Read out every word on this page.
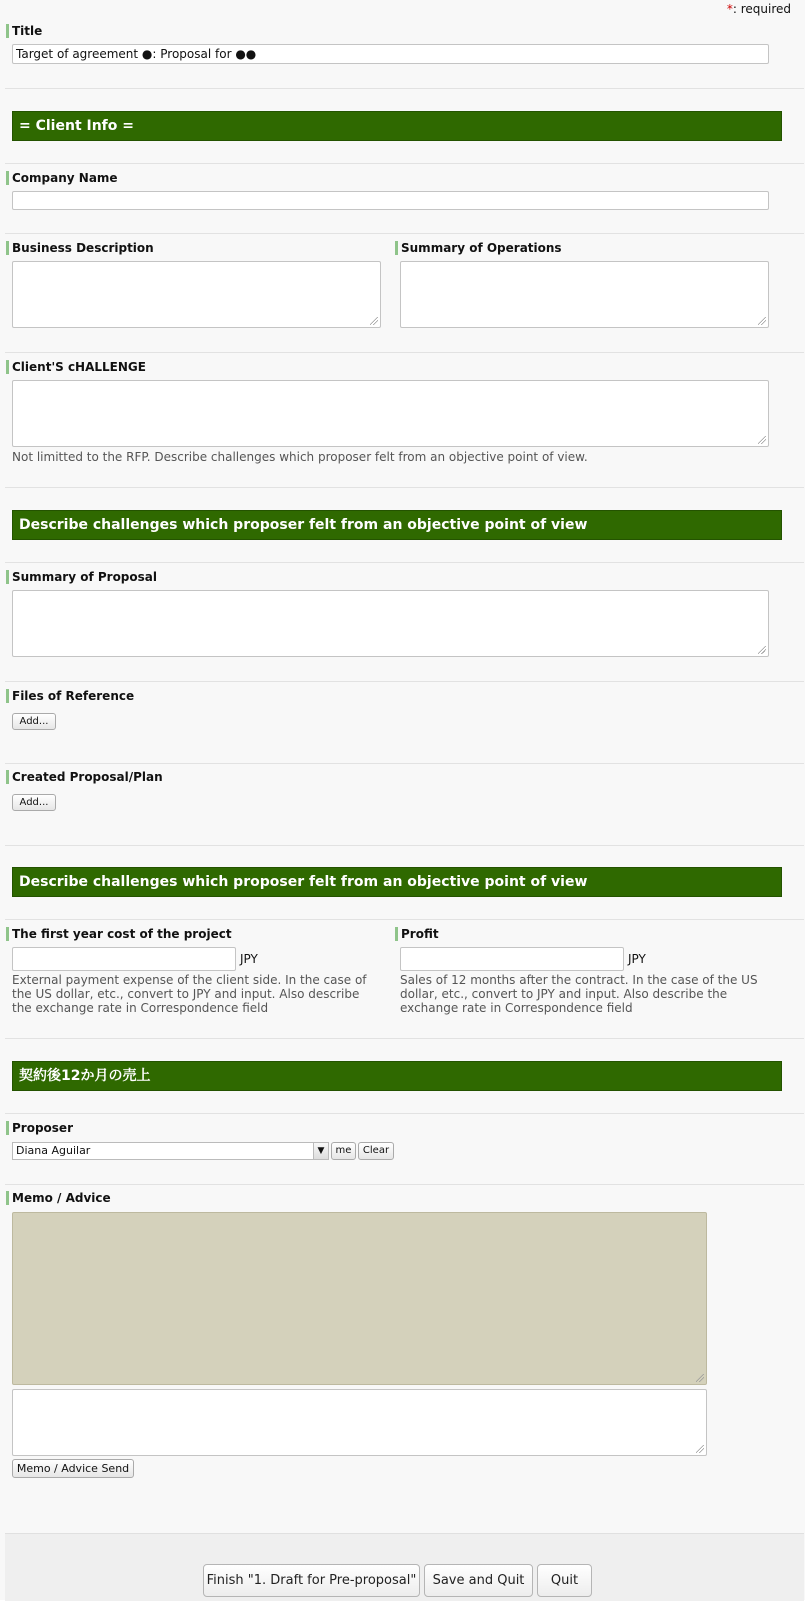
*: required
Title
Target of agreement ●: Proposal for ●●
= Client Info =
Company Name
Business Description	Summary of Operations
Client'S cHALLENGE
Not limitted to the RFP. Describe challenges which proposer felt from an objective point of view.
Describe challenges which proposer felt from an objective point of view
Summary of Proposal
Files of Reference
Add...
Created Proposal/Plan
Add...
Describe challenges which proposer felt from an objective point of view
The first year cost of the project
JPY
External payment expense of the client side. In the case of the US dollar, etc., convert to JPY and input. Also describe the exchange rate in Correspondence field
Profit
JPY
Sales of 12 months after the contract. In the case of the US dollar, etc., convert to JPY and input. Also describe the exchange rate in Correspondence field
契約後12か月の売上
Proposer
Diana Aguilar	▼	me	Clear
Memo / Advice
Memo / Advice Send
Finish "1. Draft for Pre-proposal"	Save and Quit	Quit
